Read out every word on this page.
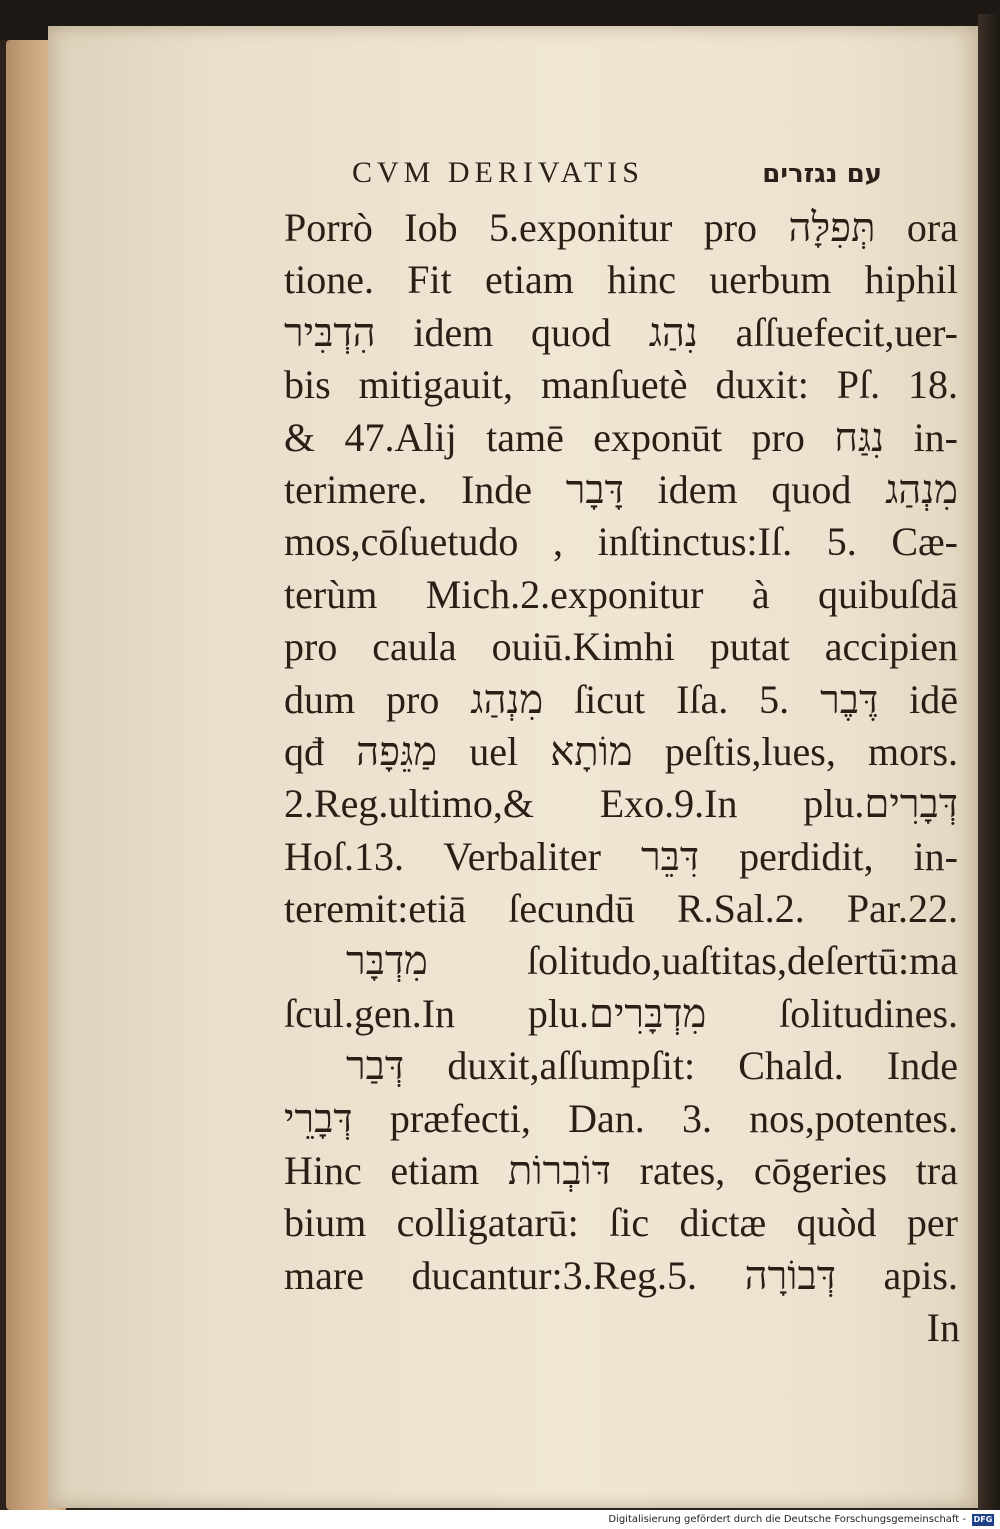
CVM DERIVATIS	עם נגזרים
Porrò Iob 5.exponitur pro תְּפִלָּה ora
tione. Fit etiam hinc uerbum hiphil
הִדְבִּיר idem quod נִהַג aſſuefecit,uer-
bis mitigauit, manſuetè duxit: Pſ. 18.
& 47.Alij tamē exponūt pro נִגַּח in-
terimere. Inde דָּבָר idem quod מִנְהַג
mos,cōſuetudo , inſtinctus:Iſ. 5. Cæ-
terùm Mich.2.exponitur à quibuſdā
pro caula ouiū.Kimhi putat accipien
dum pro מִנְהַג ſicut Iſa. 5. דֶּבֶר idē
qđ מַגֵּפָה uel מוֹתָא peſtis,lues, mors.
2.Reg.ultimo,& Exo.9.In plu.דְּבָרִים
Hoſ.13. Verbaliter דִּבֵּר perdidit, in-
teremit:etiā ſecundū R.Sal.2. Par.22.
מִדְבָּר ſolitudo,uaſtitas,deſertū:ma
ſcul.gen.In plu.מִדְבָּרִים ſolitudines.
דְּבַר duxit,aſſumpſit: Chald. Inde
דְּבָרֵי præfecti, Dan. 3. nos,potentes.
Hinc etiam דּוֹבְרוֹת rates, cōgeries tra
bium colligatarū: ſic dictæ quòd per
mare ducantur:3.Reg.5. דְּבוֹרָה apis.
In
Digitalisierung gefördert durch die Deutsche Forschungsgemeinschaft - DFG
